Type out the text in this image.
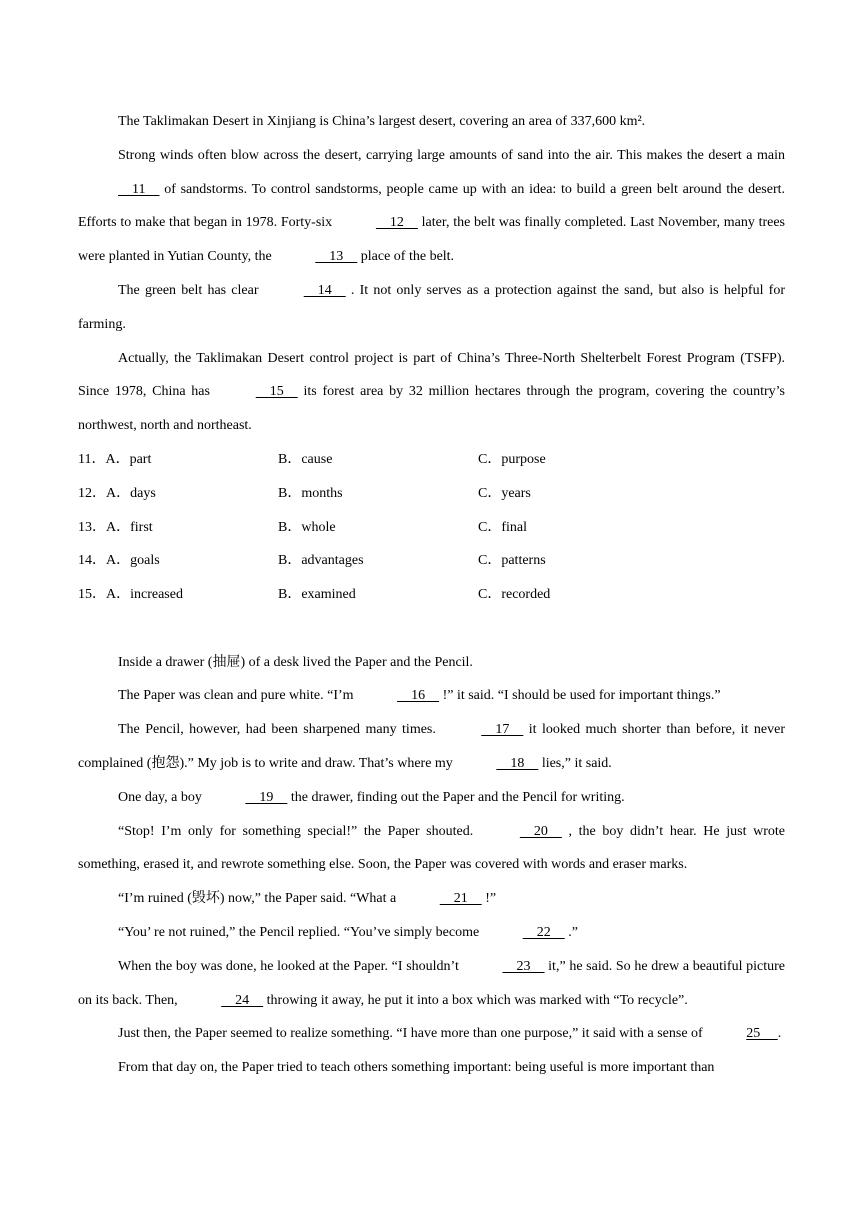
The Taklimakan Desert in Xinjiang is China’s largest desert, covering an area of 337,600 km².

Strong winds often blow across the desert, carrying large amounts of sand into the air. This makes the desert a main     11     of sandstorms. To control sandstorms, people came up with an idea: to build a green belt around the desert. Efforts to make that began in 1978. Forty-six	12     later, the belt was finally completed. Last November, many trees were planted in Yutian County, the	13     place of the belt.

The green belt has clear	14     . It not only serves as a protection against the sand, but also is helpful for farming.

Actually, the Taklimakan Desert control project is part of China’s Three-North Shelterbelt Forest Program (TSFP). Since 1978, China has	15     its forest area by 32 million hectares through the program, covering the country’s northwest, north and northeast.

11．A．part	B．cause	C．purpose
12．A．days	B．months	C．years
13．A．first	B．whole	C．final
14．A．goals	B．advantages	C．patterns
15．A．increased	B．examined	C．recorded

Inside a drawer (抽屉) of a desk lived the Paper and the Pencil.

The Paper was clean and pure white. “I’m	16     !” it said. “I should be used for important things.”

The Pencil, however, had been sharpened many times.	17     it looked much shorter than before, it never complained (抱怨).” My job is to write and draw. That’s where my	18     lies,” it said.

One day, a boy	19     the drawer, finding out the Paper and the Pencil for writing.

“Stop! I’m only for something special!” the Paper shouted.	20     , the boy didn’t hear. He just wrote something, erased it, and rewrote something else. Soon, the Paper was covered with words and eraser marks.

“I’m ruined (毁坏) now,” the Paper said. “What a	21     !”

“You’ re not ruined,” the Pencil replied. “You’ve simply become	22     .”

When the boy was done, he looked at the Paper. “I shouldn’t	23     it,” he said. So he drew a beautiful picture on its back. Then,	24     throwing it away, he put it into a box which was marked with “To recycle”.

Just then, the Paper seemed to realize something. “I have more than one purpose,” it said with a sense of	25     .

From that day on, the Paper tried to teach others something important: being useful is more important than
